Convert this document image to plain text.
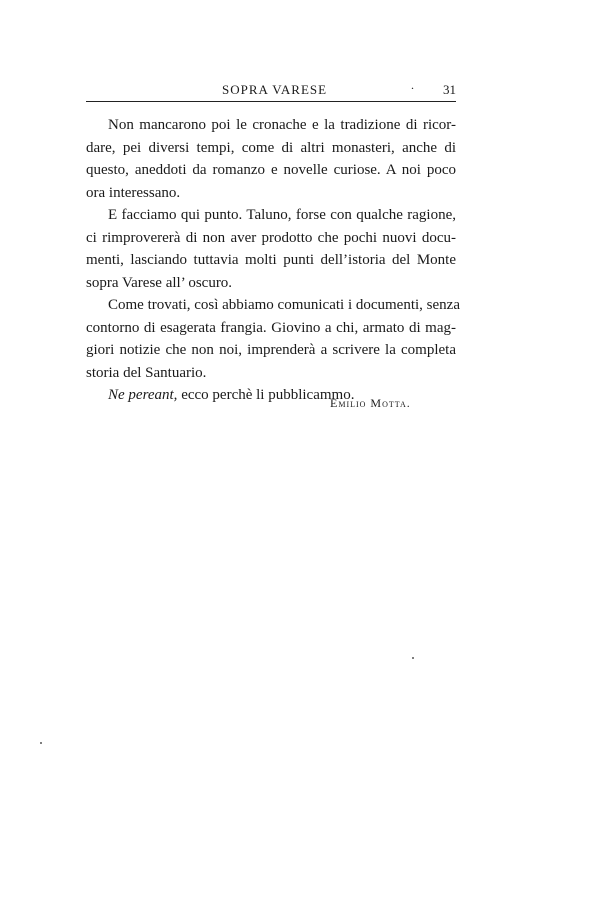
SOPRA VARESE	. 31
Non mancarono poi le cronache e la tradizione di ricor-
dare, pei diversi tempi, come di altri monasteri, anche di
questo, aneddoti da romanzo e novelle curiose. A noi poco
ora interessano.
E facciamo qui punto. Taluno, forse con qualche ragione,
ci rimprovererà di non aver prodotto che pochi nuovi docu-
menti, lasciando tuttavia molti punti dell’istoria del Monte
sopra Varese all’ oscuro.
Come trovati, così abbiamo comunicati i documenti, senza
contorno di esagerata frangia. Giovino a chi, armato di mag-
giori notizie che non noi, imprenderà a scrivere la completa
storia del Santuario.
Ne pereant, ecco perchè li pubblicammo.
Emilio Motta.
